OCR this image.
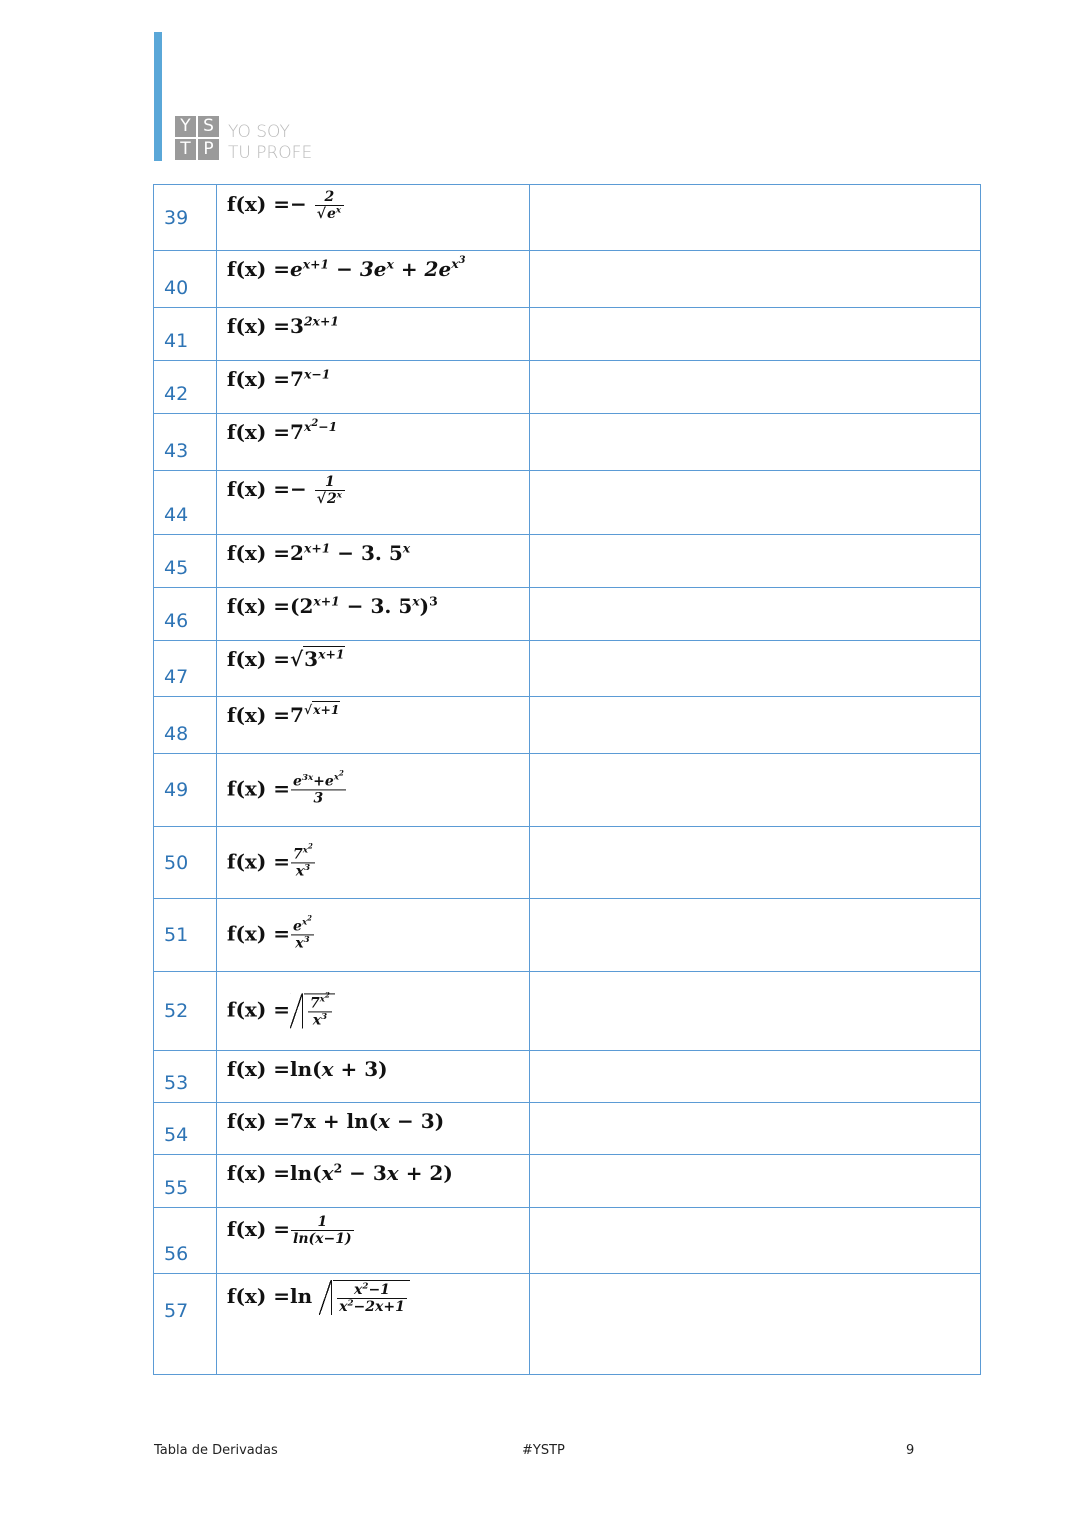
Y S
T P
YO SOY
TU PROFE
39	$f(x) =- \frac{2}{√e^x}$

40	$f(x) =e^{x+1} - 3e^x + 2e^{x^3}$

41	$f(x) =3^{2x+1}$

42	$f(x) =7^{x-1}$

43	$f(x) =7^{x^2-1}$

44	$f(x) =- \frac{1}{√2^x}$

45	$f(x) =2^{x+1} - 3$. 5$^x$

46	$f(x) =(2^{x+1} - 3$. 5$^x$)$^3$

47	$f(x) =√3^{x+1}$

48	$f(x) =7^{√x+1}$

49	$f(x) = \frac{e^{3x}+e^{x^2}}{3}$

50	$f(x) = \frac{7^{x^2}}{x^3}$

51	$f(x) = \frac{e^{x^2}}{x^3}$

52	$f(x) = \frac{7^{x^2}}{x^3}$

53	f(x) =ln(x + 3)	

54	f(x) =7x + ln(x − 3)	

55	$f(x) =\ln(x^2 - 3x + 2)$	

56	$f(x) = \frac{1}{\ln(x-1)}$

57	$f(x) =\ln \frac{x^2-1}{x^2-2x+1}$

Tabla de Derivadas	#YSTP	9
